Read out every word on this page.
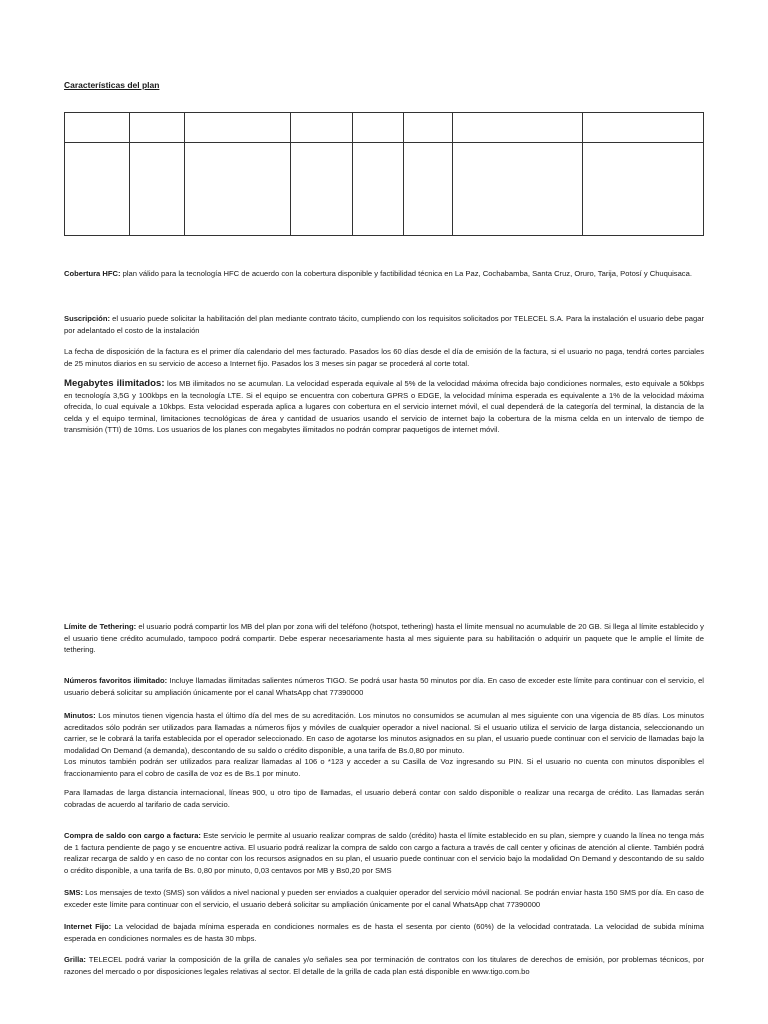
Características del plan

Cobertura HFC: plan válido para la tecnología HFC de acuerdo con la cobertura disponible y factibilidad técnica en La Paz, Cochabamba, Santa Cruz, Oruro, Tarija, Potosí y Chuquisaca.
Suscripción: el usuario puede solicitar la habilitación del plan mediante contrato tácito, cumpliendo con los requisitos solicitados por TELECEL S.A. Para la instalación el usuario debe pagar por adelantado el costo de la instalación
La fecha de disposición de la factura es el primer día calendario del mes facturado. Pasados los 60 días desde el día de emisión de la factura, si el usuario no paga, tendrá cortes parciales de 25 minutos diarios en su servicio de acceso a Internet fijo. Pasados los 3 meses sin pagar se procederá al corte total.
Megabytes ilimitados: los MB ilimitados no se acumulan. La velocidad esperada equivale al 5% de la velocidad máxima ofrecida bajo condiciones normales, esto equivale a 50kbps en tecnología 3,5G y 100kbps en la tecnología LTE. Si el equipo se encuentra con cobertura GPRS o EDGE, la velocidad mínima esperada es equivalente a 1% de la velocidad máxima ofrecida, lo cual equivale a 10kbps. Esta velocidad esperada aplica a lugares con cobertura en el servicio internet móvil, el cual dependerá de la categoría del terminal, la distancia de la celda y el equipo terminal, limitaciones tecnológicas de área y cantidad de usuarios usando el servicio de internet bajo la cobertura de la misma celda en un intervalo de tiempo de transmisión (TTI) de 10ms. Los usuarios de los planes con megabytes ilimitados no podrán comprar paquetigos de internet móvil.
Límite de Tethering: el usuario podrá compartir los MB del plan por zona wifi del teléfono (hotspot, tethering) hasta el límite mensual no acumulable de 20 GB. Si llega al límite establecido y el usuario tiene crédito acumulado, tampoco podrá compartir. Debe esperar necesariamente hasta al mes siguiente para su habilitación o adquirir un paquete que le amplíe el límite de tethering.
Números favoritos ilimitado: Incluye llamadas ilimitadas salientes números TIGO. Se podrá usar hasta 50 minutos por día. En caso de exceder este límite para continuar con el servicio, el usuario deberá solicitar su ampliación únicamente por el canal WhatsApp chat 77390000
Minutos: Los minutos tienen vigencia hasta el último día del mes de su acreditación. Los minutos no consumidos se acumulan al mes siguiente con una vigencia de 85 días. Los minutos acreditados sólo podrán ser utilizados para llamadas a números fijos y móviles de cualquier operador a nivel nacional. Si el usuario utiliza el servicio de larga distancia, seleccionando un carrier, se le cobrará la tarifa establecida por el operador seleccionado. En caso de agotarse los minutos asignados en su plan, el usuario puede continuar con el servicio de llamadas bajo la modalidad On Demand (a demanda), descontando de su saldo o crédito disponible, a una tarifa de Bs.0,80 por minuto.
Los minutos también podrán ser utilizados para realizar llamadas al 106 o *123 y acceder a su Casilla de Voz ingresando su PIN. Si el usuario no cuenta con minutos disponibles el fraccionamiento para el cobro de casilla de voz es de Bs.1 por minuto.
Para llamadas de larga distancia internacional, líneas 900, u otro tipo de llamadas, el usuario deberá contar con saldo disponible o realizar una recarga de crédito. Las llamadas serán cobradas de acuerdo al tarifario de cada servicio.
Compra de saldo con cargo a factura: Este servicio le permite al usuario realizar compras de saldo (crédito) hasta el límite establecido en su plan, siempre y cuando la línea no tenga más de 1 factura pendiente de pago y se encuentre activa. El usuario podrá realizar la compra de saldo con cargo a factura a través de call center y oficinas de atención al cliente. También podrá realizar recarga de saldo y en caso de no contar con los recursos asignados en su plan, el usuario puede continuar con el servicio bajo la modalidad On Demand y descontando de su saldo o crédito disponible, a una tarifa de Bs. 0,80 por minuto, 0,03 centavos por MB y Bs0,20 por SMS
SMS: Los mensajes de texto (SMS) son válidos a nivel nacional y pueden ser enviados a cualquier operador del servicio móvil nacional. Se podrán enviar hasta 150 SMS por día. En caso de exceder este límite para continuar con el servicio, el usuario deberá solicitar su ampliación únicamente por el canal WhatsApp chat 77390000
Internet Fijo: La velocidad de bajada mínima esperada en condiciones normales es de hasta el sesenta por ciento (60%) de la velocidad contratada. La velocidad de subida mínima esperada en condiciones normales es de hasta 30 mbps.
Grilla: TELECEL podrá variar la composición de la grilla de canales y/o señales sea por terminación de contratos con los titulares de derechos de emisión, por problemas técnicos, por razones del mercado o por disposiciones legales relativas al sector. El detalle de la grilla de cada plan está disponible en www.tigo.com.bo
